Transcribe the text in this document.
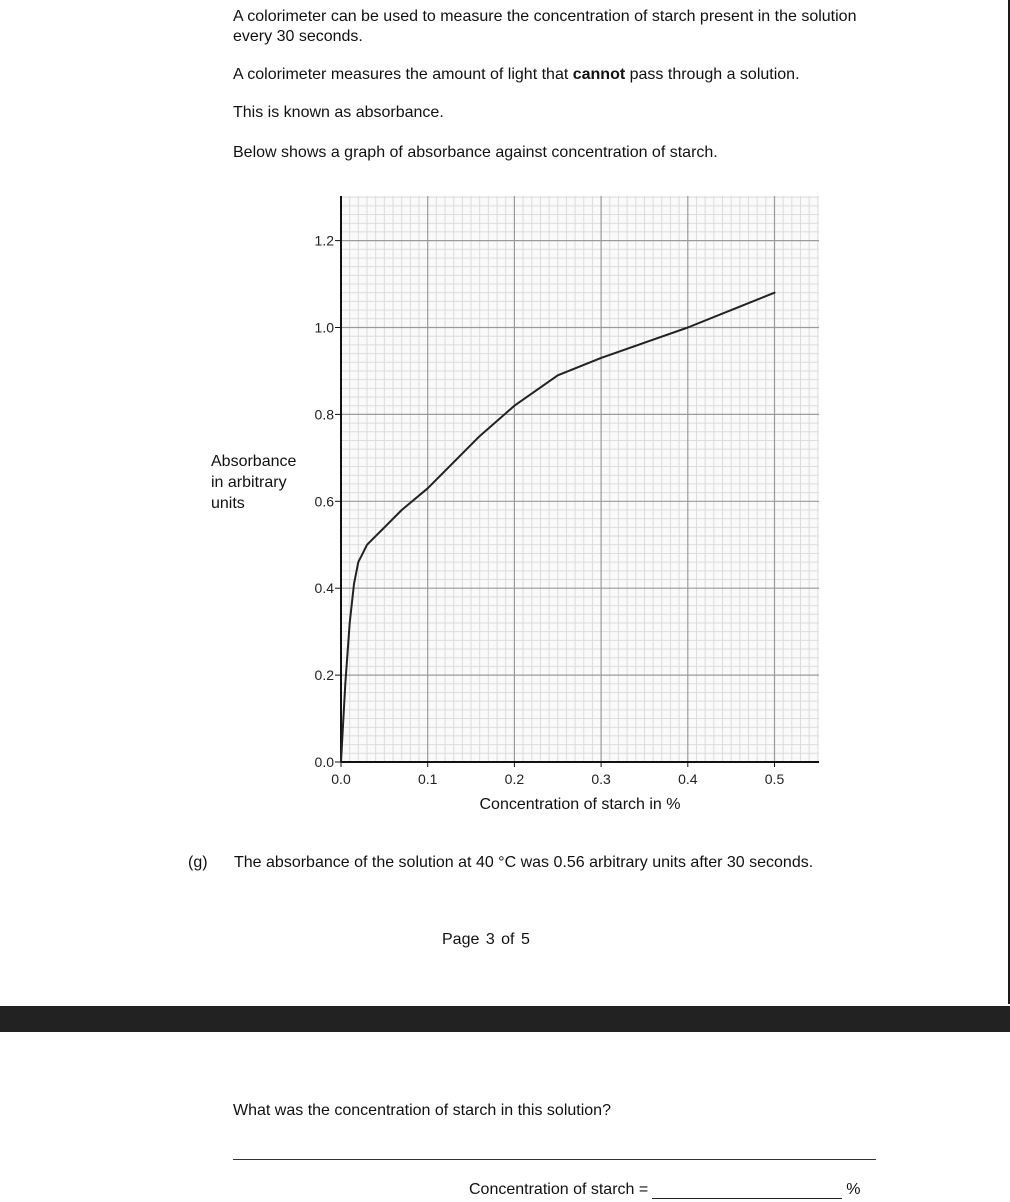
A colorimeter can be used to measure the concentration of starch present in the solution every 30 seconds.

A colorimeter measures the amount of light that cannot pass through a solution.

This is known as absorbance.

Below shows a graph of absorbance against concentration of starch.

Absorbance
in arbitrary
units
0.0
0.2
0.4
0.6
0.8
1.0
1.2
0.0	0.1	0.2	0.3	0.4	0.5
Concentration of starch in %
(g) The absorbance of the solution at 40 °C was 0.56 arbitrary units after 30 seconds.
Page 3 of 5
What was the concentration of starch in this solution?
Concentration of starch =	%
